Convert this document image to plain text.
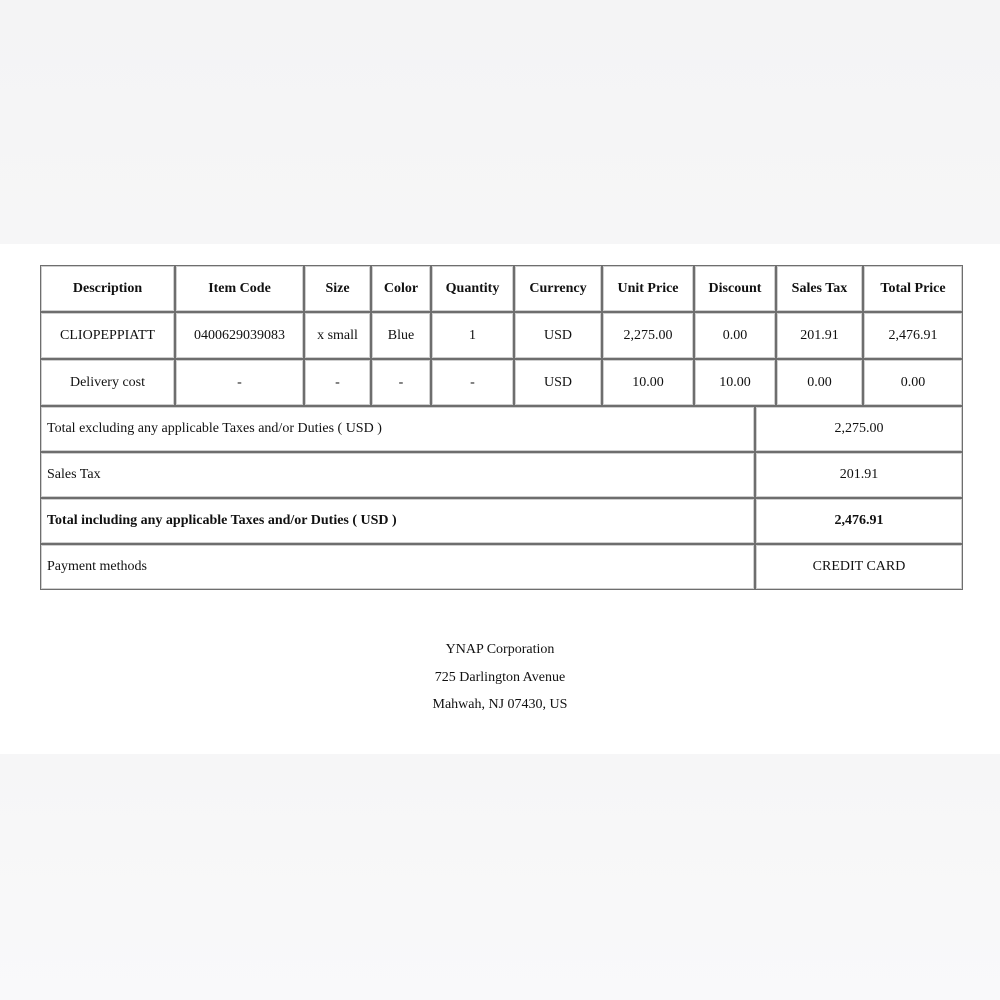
Description	Item Code	Size	Color	Quantity	Currency	Unit Price	Discount	Sales Tax	Total Price
CLIOPEPPIATT	0400629039083	x small	Blue	1	USD	2,275.00	0.00	201.91	2,476.91
Delivery cost	-	-	-	-	USD	10.00	10.00	0.00	0.00
Total excluding any applicable Taxes and/or Duties ( USD )	2,275.00
Sales Tax	201.91
Total including any applicable Taxes and/or Duties ( USD )	2,476.91
Payment methods	CREDIT CARD
YNAP Corporation
725 Darlington Avenue
Mahwah, NJ 07430, US
